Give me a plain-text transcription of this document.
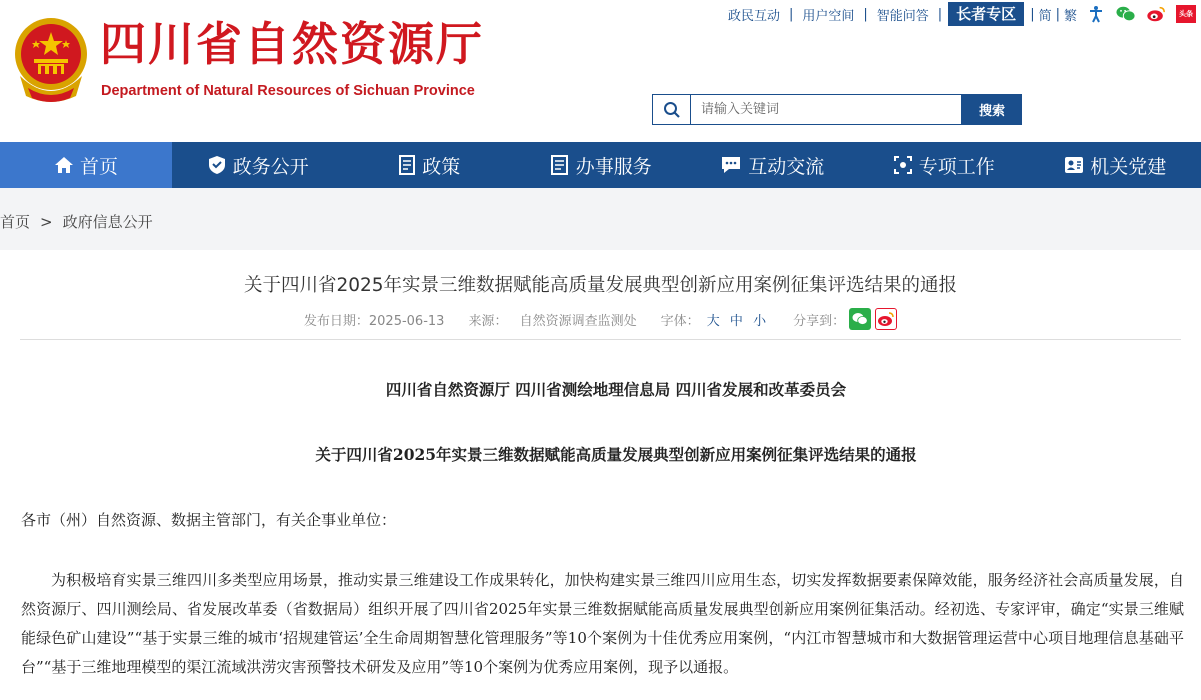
四川省自然资源厅
Department of Natural Resources of Sichuan Province
政民互动 | 用户空间 | 智能问答 | 长者专区	| 简 | 繁	头条
请输入关键词
搜索
首页	政务公开	政策	办事服务	互动交流	专项工作	机关党建
首页 > 政府信息公开
关于四川省2025年实景三维数据赋能高质量发展典型创新应用案例征集评选结果的通报
发布日期：2025-06-13 来源： 自然资源调查监测处 字体： 大 中 小 分享到：
四川省自然资源厅 四川省测绘地理信息局 四川省发展和改革委员会
关于四川省2025年实景三维数据赋能高质量发展典型创新应用案例征集评选结果的通报
各市（州）自然资源、数据主管部门，有关企事业单位：
为积极培育实景三维四川多类型应用场景，推动实景三维建设工作成果转化，加快构建实景三维四川应用生态，切实发挥数据要素保障效能，服务经济社会高质量发展，自然资源厅、四川测绘局、省发展改革委（省数据局）组织开展了四川省2025年实景三维数据赋能高质量发展典型创新应用案例征集活动。经初选、专家评审，确定“实景三维赋能绿色矿山建设”“基于实景三维的城市‘招规建管运’全生命周期智慧化管理服务”等10个案例为十佳优秀应用案例，“内江市智慧城市和大数据管理运营中心项目地理信息基础平台”“基于三维地理模型的渠江流域洪涝灾害预警技术研发及应用”等10个案例为优秀应用案例，现予以通报。
